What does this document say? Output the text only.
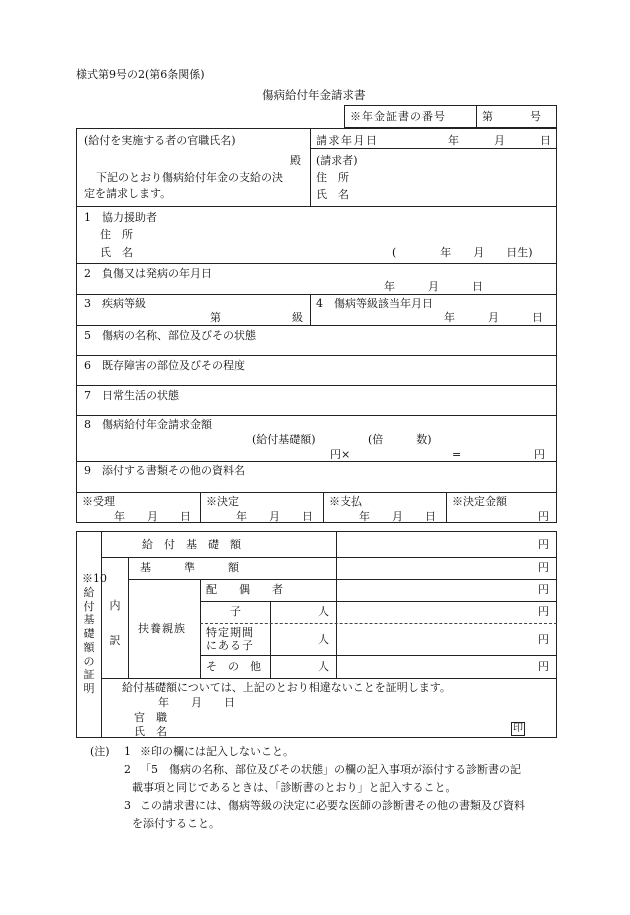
様式第9号の2(第6条関係)
傷病給付年金請求書
※年金証書の番号	第	号
(給付を実施する者の官職氏名)
殿
下記のとおり傷病給付年金の支給の決
定を請求します。
請求年月日	年	月	日
(請求者)
住　所
氏　名
1　協力援助者
住　所
氏　名	(　　　　年　　月　　日生)
2　負傷又は発病の年月日
年　　　月　　　日
3　疾病等級
第	級
4　傷病等級該当年月日
年　　　月　　　日
5　傷病の名称、部位及びその状態
6　既存障害の部位及びその程度
7　日常生活の状態
8　傷病給付年金請求金額
(給付基礎額)	(倍　　　数)
円×	=	円
9　添付する書類その他の資料名
※受理
年　　月　　日
※決定
年　　月　　日
※支払
年　　月　　日
※決定金額
円
※10 給付基礎額の証明
給　付　基　礎　額	円
内訳
基　　　準　　　額	円
扶養親族
配　　偶　　者	円
子	人	円
特定期間
にある子	人	円
そ　の　他	人	円
給付基礎額については、上記のとおり相違ないことを証明します。
年　　月　　日
官　職
氏　名	印
(注) 1 ※印の欄には記入しないこと。
2 「5　傷病の名称、部位及びその状態」の欄の記入事項が添付する診断書の記
載事項と同じであるときは、「診断書のとおり」と記入すること。
3 この請求書には、傷病等級の決定に必要な医師の診断書その他の書類及び資料
を添付すること。
